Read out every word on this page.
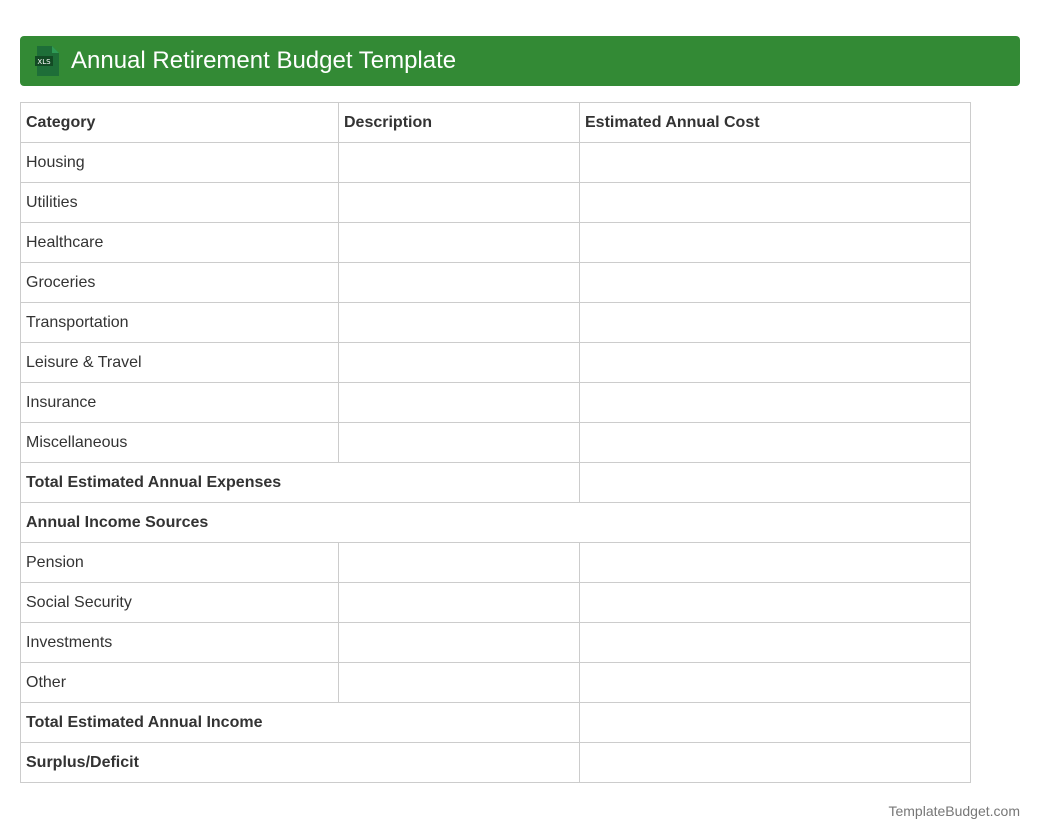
XLS Annual Retirement Budget Template
Category	Description	Estimated Annual Cost
Housing		
Utilities		
Healthcare		
Groceries		
Transportation		
Leisure & Travel		
Insurance		
Miscellaneous		
Total Estimated Annual Expenses		
Annual Income Sources		
Pension		
Social Security		
Investments		
Other		
Total Estimated Annual Income		
Surplus/Deficit		
TemplateBudget.com
